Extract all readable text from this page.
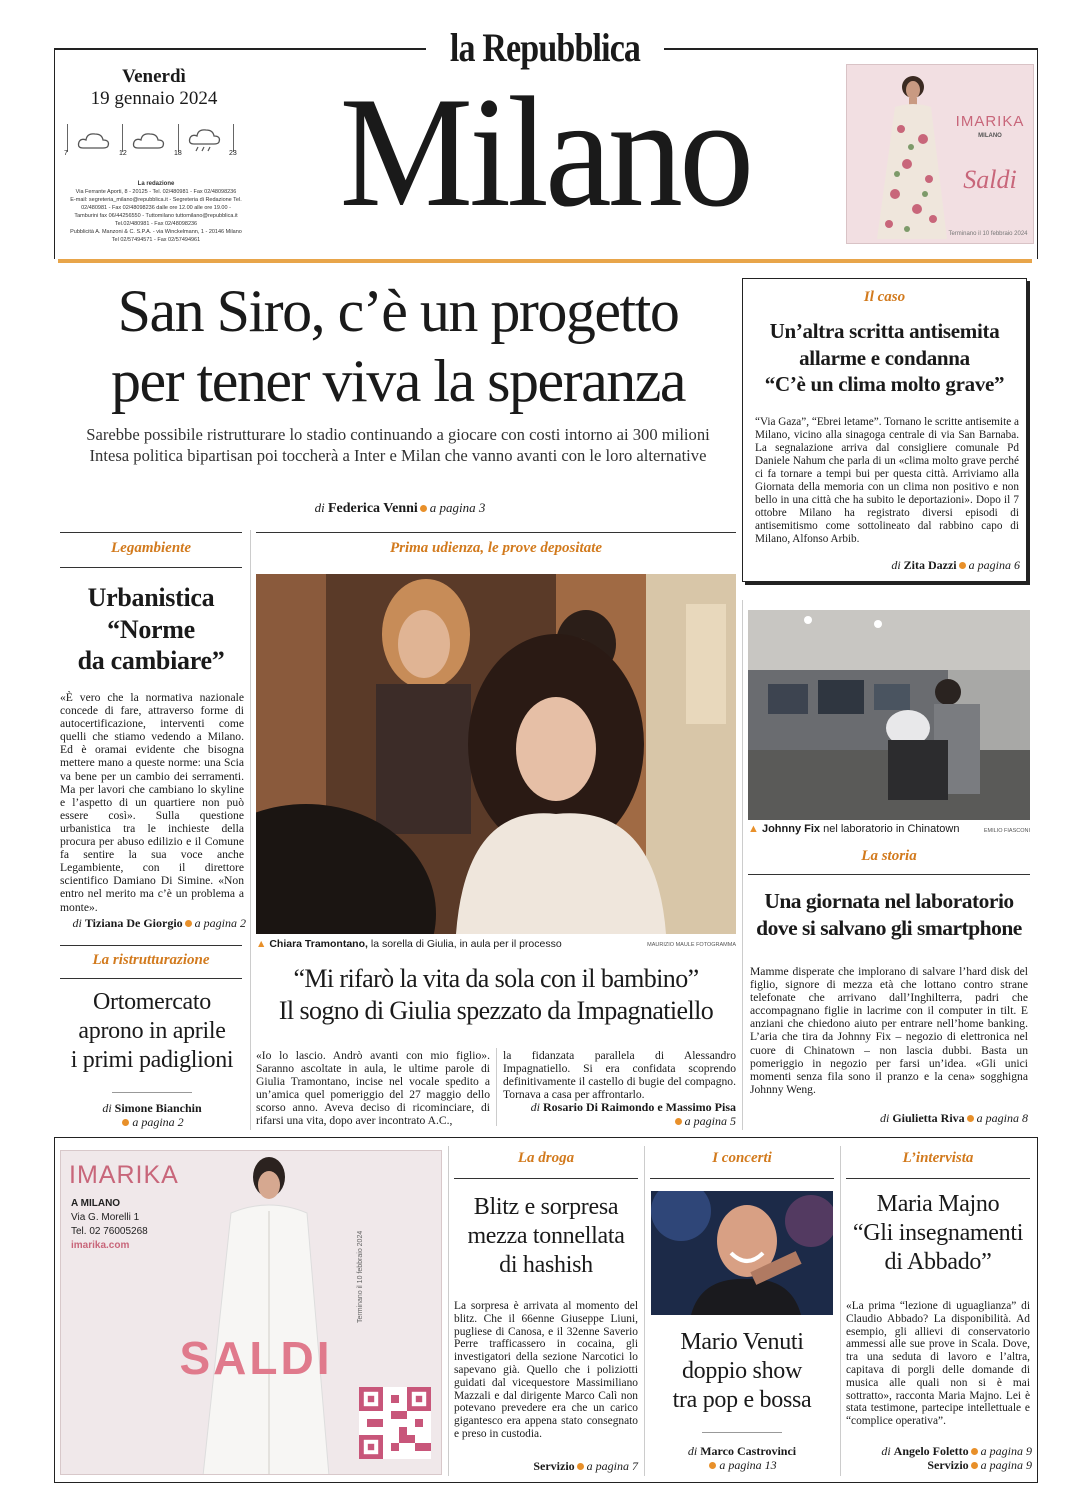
la Repubblica
Milano
Venerdì
19 gennaio 2024
7	12	18	23
La redazione
Via Ferrante Aporti, 8 - 20125 - Tel. 02/480981 - Fax 02/48098236
E-mail: segreteria_milano@repubblica.it - Segreteria di Redazione Tel.
02/480981 - Fax 02/48098236 dalle ore 12.00 alle ore 19.00 -
Tamburini fax 06/44256550 - Tuttomilano tuttomilano@repubblica.it
Tel.02/480981 - Fax 02/48098236
Pubblicità A. Manzoni & C. S.P.A. - via Winckelmann, 1 - 20146 Milano
Tel 02/57494571 - Fax 02/57494961
IMARIKA
MILANO
Saldi
Terminano il 10 febbraio 2024
San Siro, c’è un progetto
per tener viva la speranza
Sarebbe possibile ristrutturare lo stadio continuando a giocare con costi intorno ai 300 milioni
Intesa politica bipartisan poi toccherà a Inter e Milan che vanno avanti con le loro alternative
di Federica Venni a pagina 3
Il caso
Un’altra scritta antisemita
allarme e condanna
“C’è un clima molto grave”
“Via Gaza”, “Ebrei letame”. Tornano le scritte antisemite a Milano, vicino alla sinagoga centrale di via San Barnaba. La segnalazione arriva dal consigliere comunale Pd Daniele Nahum che parla di un «clima molto grave perché ci fa tornare a tempi bui per questa città. Arriviamo alla Giornata della memoria con un clima non positivo e non bello in una città che ha subito le deportazioni». Dopo il 7 ottobre Milano ha registrato diversi episodi di antisemitismo come sottolineato dal rabbino capo di Milano, Alfonso Arbib.
di Zita Dazzi a pagina 6
Legambiente
Urbanistica
“Norme
da cambiare”
«È vero che la normativa nazionale concede di fare, attraverso forme di autocertificazione, interventi come quelli che stiamo vedendo a Milano. Ed è oramai evidente che bisogna mettere mano a queste norme: una Scia va bene per un cambio dei serramenti. Ma per lavori che cambiano lo skyline e l’aspetto di un quartiere non può essere così». Sulla questione urbanistica tra le inchieste della procura per abuso edilizio e il Comune fa sentire la sua voce anche Legambiente, con il direttore scientifico Damiano Di Simine. «Non entro nel merito ma c’è un problema a monte».
di Tiziana De Giorgio a pagina 2
La ristrutturazione
Ortomercato
aprono in aprile
i primi padiglioni
di Simone Bianchin
a pagina 2
Prima udienza, le prove depositate
▲ Chiara Tramontano, la sorella di Giulia, in aula per il processo	MAURIZIO MAULE FOTOGRAMMA
“Mi rifarò la vita da sola con il bambino”
Il sogno di Giulia spezzato da Impagnatiello
«Io lo lascio. Andrò avanti con mio figlio». Saranno ascoltate in aula, le ultime parole di Giulia Tramontano, incise nel vocale spedito a un’amica quel pomeriggio del 27 maggio dello scorso anno. Aveva deciso di ricominciare, di rifarsi una vita, dopo aver incontrato A.C.,
la fidanzata parallela di Alessandro Impagnatiello. Si era confidata scoprendo definitivamente il castello di bugie del compagno. Tornava a casa per affrontarlo.
di Rosario Di Raimondo e Massimo Pisa
a pagina 5
▲ Johnny Fix nel laboratorio in Chinatown	EMILIO FIASCONI
La storia
Una giornata nel laboratorio
dove si salvano gli smartphone
Mamme disperate che implorano di salvare l’hard disk del figlio, signore di mezza età che lottano contro strane telefonate che arrivano dall’Inghilterra, padri che accompagnano figlie in lacrime con il computer in tilt. E anziani che chiedono aiuto per entrare nell’home banking. L’aria che tira da Johnny Fix – negozio di elettronica nel cuore di Chinatown – non lascia dubbi. Basta un pomeriggio in negozio per farsi un’idea. «Gli unici momenti senza fila sono il pranzo e la cena» sogghigna Johnny Weng.
di Giulietta Riva a pagina 8
IMARIKA
A MILANO
Via G. Morelli 1
Tel. 02 76005268
imarika.com
SALDI
Terminano il 10 febbraio 2024
La droga
Blitz e sorpresa
mezza tonnellata
di hashish
La sorpresa è arrivata al momento del blitz. Che il 66enne Giuseppe Liuni, pugliese di Canosa, e il 32enne Saverio Perre trafficassero in cocaina, gli investigatori della sezione Narcotici lo sapevano già. Quello che i poliziotti guidati dal vicequestore Massimiliano Mazzali e dal dirigente Marco Calì non potevano prevedere era che un carico gigantesco era appena stato consegnato e preso in custodia.
Servizio a pagina 7
I concerti
Mario Venuti
doppio show
tra pop e bossa
di Marco Castrovinci
a pagina 13
L’intervista
Maria Majno
“Gli insegnamenti
di Abbado”
«La prima “lezione di uguaglianza” di Claudio Abbado? La disponibilità. Ad esempio, gli allievi di conservatorio ammessi alle sue prove in Scala. Dove, tra una seduta di lavoro e l’altra, capitava di porgli delle domande di musica alle quali non si è mai sottratto», racconta Maria Majno. Lei è stata testimone, partecipe intellettuale e “complice operativa”.
di Angelo Foletto a pagina 9
Servizio a pagina 9
